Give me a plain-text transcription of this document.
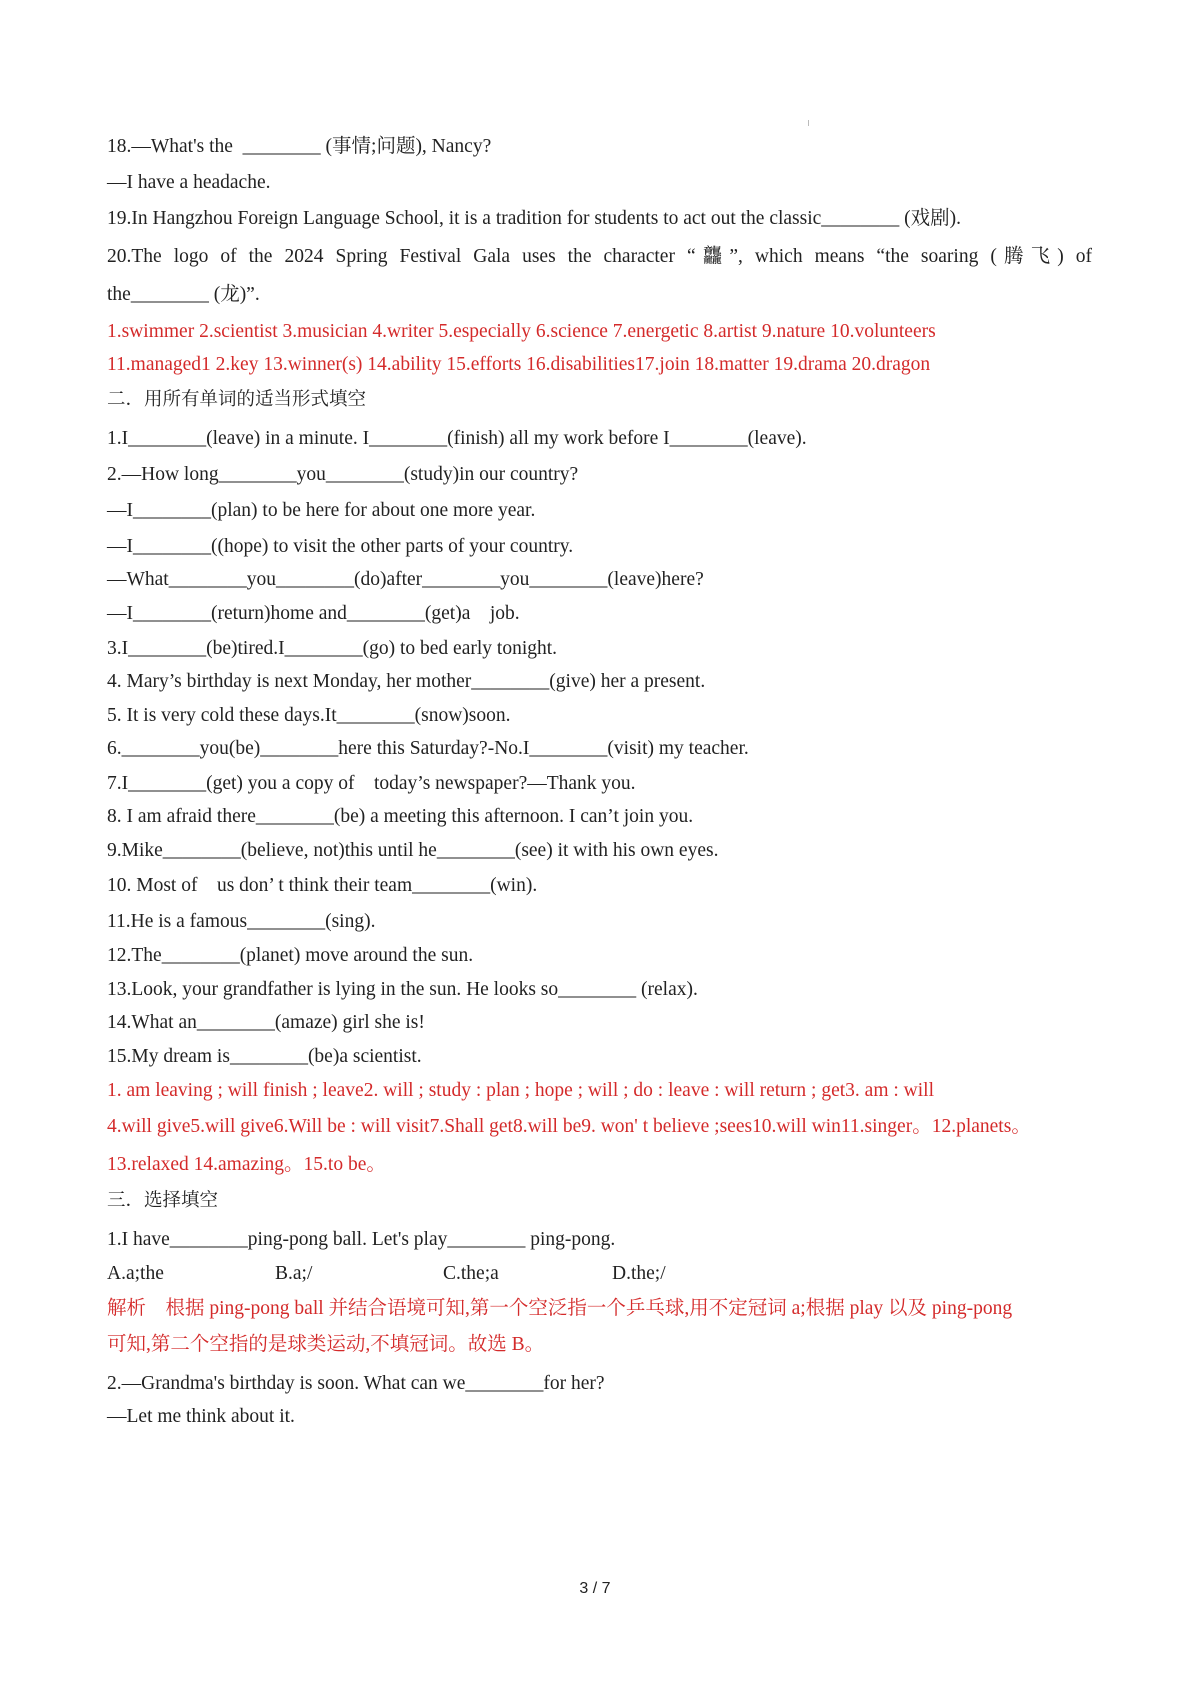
18.—What's the  ________ (事情;问题), Nancy?

—I have a headache.

19.In Hangzhou Foreign Language School, it is a tradition for students to act out the classic________ (戏剧).

20.The logo of the 2024 Spring Festival Gala uses the character “龘”, which means “the soaring (腾飞) of

the________ (龙)”.

1.swimmer 2.scientist 3.musician 4.writer 5.especially 6.science 7.energetic 8.artist 9.nature 10.volunteers

11.managed1 2.key 13.winner(s) 14.ability 15.efforts 16.disabilities17.join 18.matter 19.drama 20.dragon

二．用所有单词的适当形式填空

1.I________(leave) in a minute. I________(finish) all my work before I________(leave).

2.—How long________you________(study)in our country?

—I________(plan) to be here for about one more year.

—I________((hope) to visit the other parts of your country.

—What________you________(do)after________you________(leave)here?

—I________(return)home and________(get)a    job.

3.I________(be)tired.I________(go) to bed early tonight.

4. Mary’s birthday is next Monday, her mother________(give) her a present.

5. It is very cold these days.It________(snow)soon.

6.________you(be)________here this Saturday?-No.I________(visit) my teacher.

7.I________(get) you a copy of    today’s newspaper?—Thank you.

8. I am afraid there________(be) a meeting this afternoon. I can’t join you.

9.Mike________(believe, not)this until he________(see) it with his own eyes.

10. Most of    us don’ t think their team________(win).

11.He is a famous________(sing).

12.The________(planet) move around the sun.

13.Look, your grandfather is lying in the sun. He looks so________ (relax).

14.What an________(amaze) girl she is!

15.My dream is________(be)a scientist.

1. am leaving ; will finish ; leave2. will ; study : plan ; hope ; will ; do : leave : will return ; get3. am : will

4.will give5.will give6.Will be : will visit7.Shall get8.will be9. won' t believe ;sees10.will win11.singer。12.planets。

13.relaxed 14.amazing。15.to be。

三．选择填空

1.I have________ping-pong ball. Let's play________ ping-pong.

A.a;the

	B.a;/

	C.the;a

	D.the;/

解析    根据 ping-pong ball 并结合语境可知,第一个空泛指一个乒乓球,用不定冠词 a;根据 play 以及 ping-pong

可知,第二个空指的是球类运动,不填冠词。故选 B。

2.—Grandma's birthday is soon. What can we________for her?

—Let me think about it.

3 / 7
